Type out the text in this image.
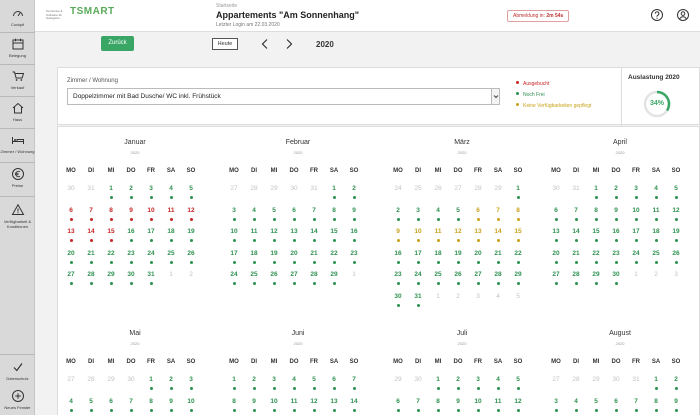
Cockpit
Belegung
Verkauf
Haus
Zimmer / Wohnung
Preise
Verfügbarkeit & Konditionen
Datenschutz
Neues Fenster
Tourismus & Software für Gastgeber
TSMART	Startseite
Appartements "Am Sonnenhang"
Letzter Login am 22.03.2020
Abmeldung in: 2m 54s
Zurück	Heute	2020
Zimmer / Wohnung
Doppelzimmer mit Bad Dusche/ WC inkl. Frühstück
Ausgebucht
Noch Frei
Keine Verfügbarkeiten gepflegt
Auslastung 2020
34%
Januar
2020
MO	DI	MI	DO	FR	SA	SO
30	31	1	2	3	4	5
6	7	8	9	10	11	12
13	14	15	16	17	18	19
20	21	22	23	24	25	26
27	28	29	30	31	1	2
Februar
2020
MO	DI	MI	DO	FR	SA	SO
27	28	29	30	31	1	2
3	4	5	6	7	8	9
10	11	12	13	14	15	16
17	18	19	20	21	22	23
24	25	26	27	28	29	1
März
2020
MO	DI	MI	DO	FR	SA	SO
24	25	26	27	28	29	1
2	3	4	5	6	7	8
9	10	11	12	13	14	15
16	17	18	19	20	21	22
23	24	25	26	27	28	29
30	31	1	2	3	4	5
April
2020
MO	DI	MI	DO	FR	SA	SO
30	31	1	2	3	4	5
6	7	8	9	10	11	12
13	14	15	16	17	18	19
20	21	22	23	24	25	26
27	28	29	30	1	2	3
Mai
2020
MO	DI	MI	DO	FR	SA	SO
27	28	29	30	1	2	3
4	5	6	7	8	9	10
Juni
2020
MO	DI	MI	DO	FR	SA	SO
1	2	3	4	5	6	7
8	9	10	11	12	13	14
Juli
2020
MO	DI	MI	DO	FR	SA	SO
29	30	1	2	3	4	5
6	7	8	9	10	11	12
August
2020
MO	DI	MI	DO	FR	SA	SO
27	28	29	30	31	1	2
3	4	5	6	7	8	9
